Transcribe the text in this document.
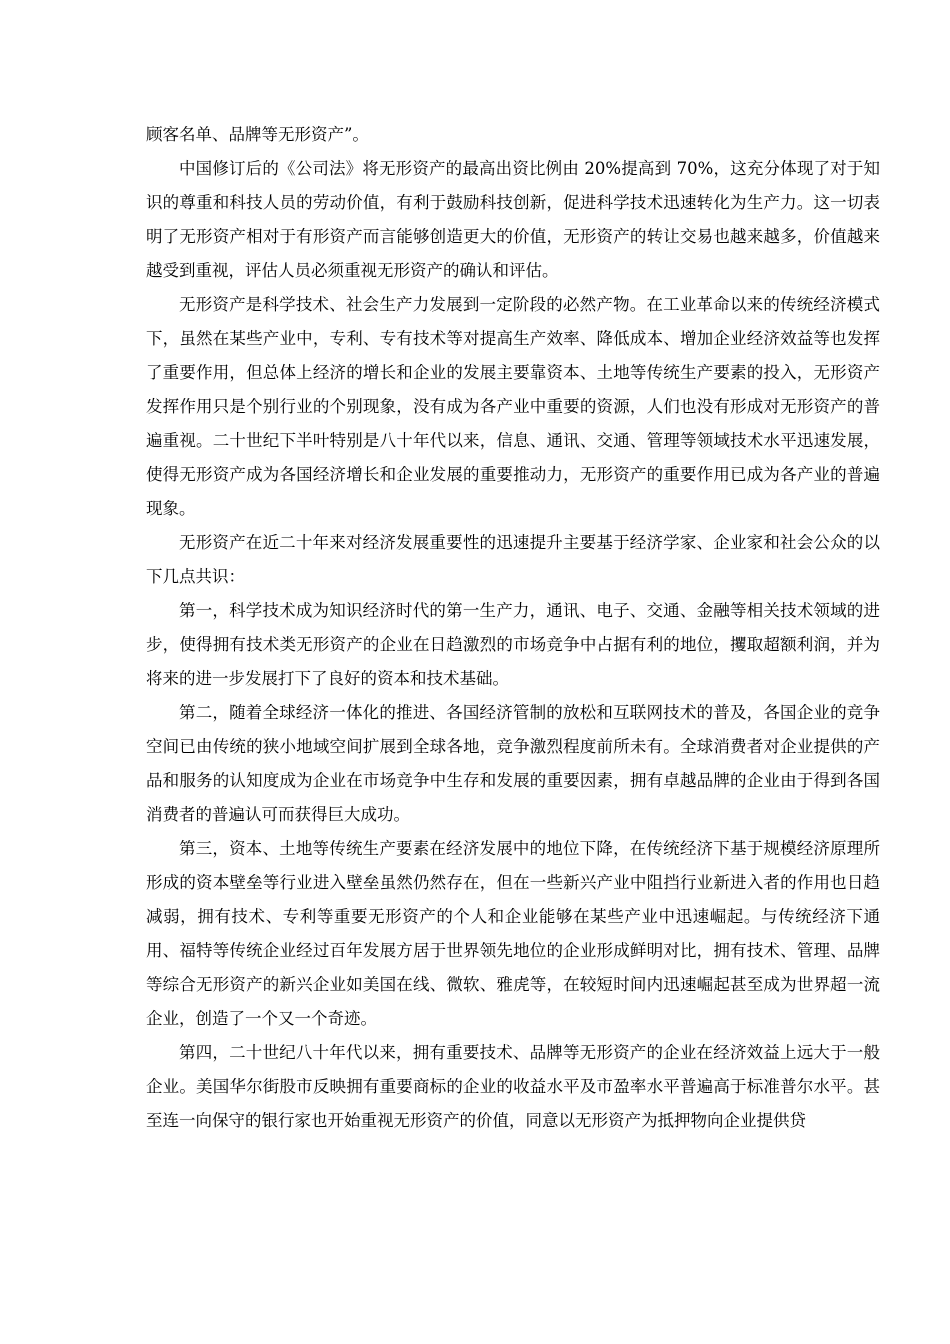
顾客名单、品牌等无形资产”。

中国修订后的《公司法》将无形资产的最高出资比例由 20%提高到 70%，这充分体现了对于知识的尊重和科技人员的劳动价值，有利于鼓励科技创新，促进科学技术迅速转化为生产力。这一切表明了无形资产相对于有形资产而言能够创造更大的价值，无形资产的转让交易也越来越多，价值越来越受到重视，评估人员必须重视无形资产的确认和评估。

无形资产是科学技术、社会生产力发展到一定阶段的必然产物。在工业革命以来的传统经济模式下，虽然在某些产业中，专利、专有技术等对提高生产效率、降低成本、增加企业经济效益等也发挥了重要作用，但总体上经济的增长和企业的发展主要靠资本、土地等传统生产要素的投入，无形资产发挥作用只是个别行业的个别现象，没有成为各产业中重要的资源，人们也没有形成对无形资产的普遍重视。二十世纪下半叶特别是八十年代以来，信息、通讯、交通、管理等领域技术水平迅速发展，使得无形资产成为各国经济增长和企业发展的重要推动力，无形资产的重要作用已成为各产业的普遍现象。

无形资产在近二十年来对经济发展重要性的迅速提升主要基于经济学家、企业家和社会公众的以下几点共识：

第一，科学技术成为知识经济时代的第一生产力，通讯、电子、交通、金融等相关技术领域的进步，使得拥有技术类无形资产的企业在日趋激烈的市场竞争中占据有利的地位，攫取超额利润，并为将来的进一步发展打下了良好的资本和技术基础。

第二，随着全球经济一体化的推进、各国经济管制的放松和互联网技术的普及，各国企业的竞争空间已由传统的狭小地域空间扩展到全球各地，竞争激烈程度前所未有。全球消费者对企业提供的产品和服务的认知度成为企业在市场竞争中生存和发展的重要因素，拥有卓越品牌的企业由于得到各国消费者的普遍认可而获得巨大成功。

第三，资本、土地等传统生产要素在经济发展中的地位下降，在传统经济下基于规模经济原理所形成的资本壁垒等行业进入壁垒虽然仍然存在，但在一些新兴产业中阻挡行业新进入者的作用也日趋减弱，拥有技术、专利等重要无形资产的个人和企业能够在某些产业中迅速崛起。与传统经济下通用、福特等传统企业经过百年发展方居于世界领先地位的企业形成鲜明对比，拥有技术、管理、品牌等综合无形资产的新兴企业如美国在线、微软、雅虎等，在较短时间内迅速崛起甚至成为世界超一流企业，创造了一个又一个奇迹。

第四，二十世纪八十年代以来，拥有重要技术、品牌等无形资产的企业在经济效益上远大于一般企业。美国华尔街股市反映拥有重要商标的企业的收益水平及市盈率水平普遍高于标准普尔水平。甚至连一向保守的银行家也开始重视无形资产的价值，同意以无形资产为抵押物向企业提供贷
